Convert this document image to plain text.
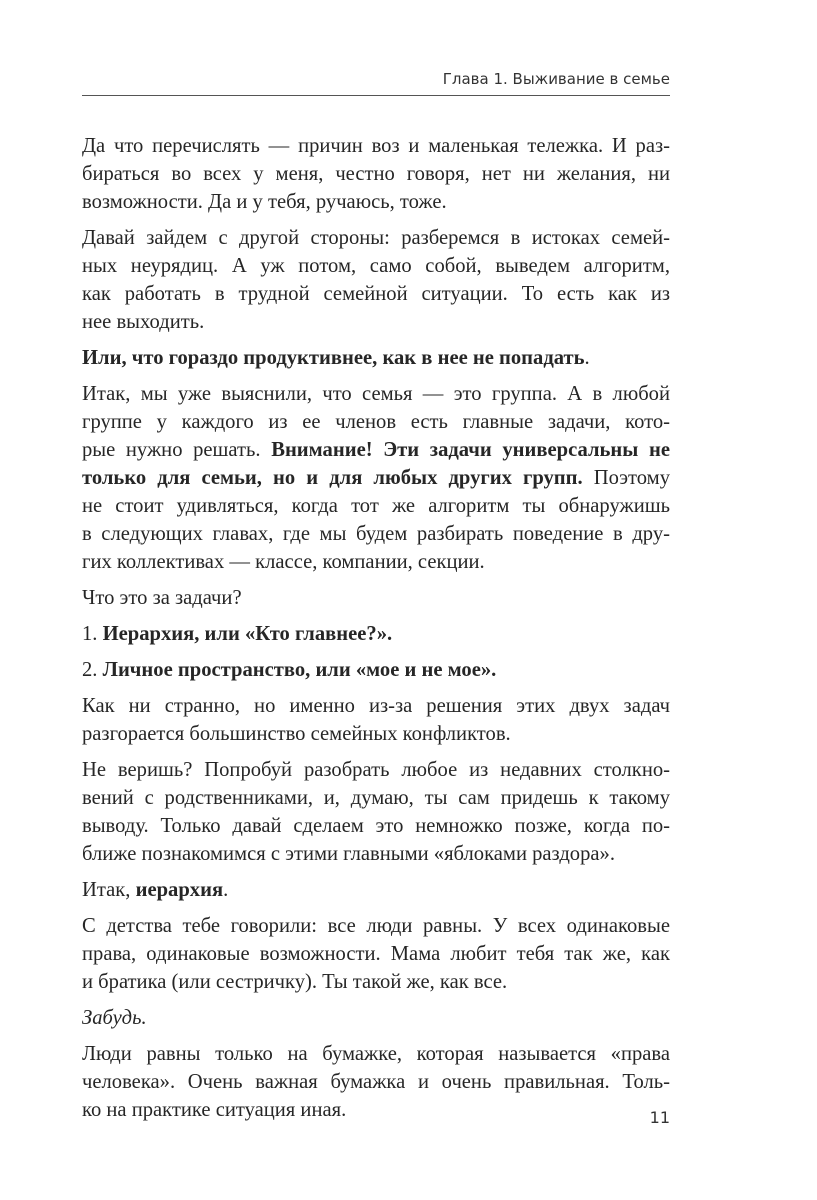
Глава 1. Выживание в семье
Да что перечислять — причин воз и маленькая тележка. И раз-
бираться во всех у меня, честно говоря, нет ни желания, ни
возможности. Да и у тебя, ручаюсь, тоже.
Давай зайдем с другой стороны: разберемся в истоках семей-
ных неурядиц. А уж потом, само собой, выведем алгоритм,
как работать в трудной семейной ситуации. То есть как из
нее выходить.
Или, что гораздо продуктивнее, как в нее не попадать.
Итак, мы уже выяснили, что семья — это группа. А в любой
группе у каждого из ее членов есть главные задачи, кото-
рые нужно решать. Внимание! Эти задачи универсальны не
только для семьи, но и для любых других групп. Поэтому
не стоит удивляться, когда тот же алгоритм ты обнаружишь
в следующих главах, где мы будем разбирать поведение в дру-
гих коллективах — классе, компании, секции.
Что это за задачи?
1. Иерархия, или «Кто главнее?».
2. Личное пространство, или «мое и не мое».
Как ни странно, но именно из-за решения этих двух задач
разгорается большинство семейных конфликтов.
Не веришь? Попробуй разобрать любое из недавних столкно-
вений с родственниками, и, думаю, ты сам придешь к такому
выводу. Только давай сделаем это немножко позже, когда по-
ближе познакомимся с этими главными «яблоками раздора».
Итак, иерархия.
С детства тебе говорили: все люди равны. У всех одинаковые
права, одинаковые возможности. Мама любит тебя так же, как
и братика (или сестричку). Ты такой же, как все.
Забудь.
Люди равны только на бумажке, которая называется «права
человека». Очень важная бумажка и очень правильная. Толь-
ко на практике ситуация иная.	11
